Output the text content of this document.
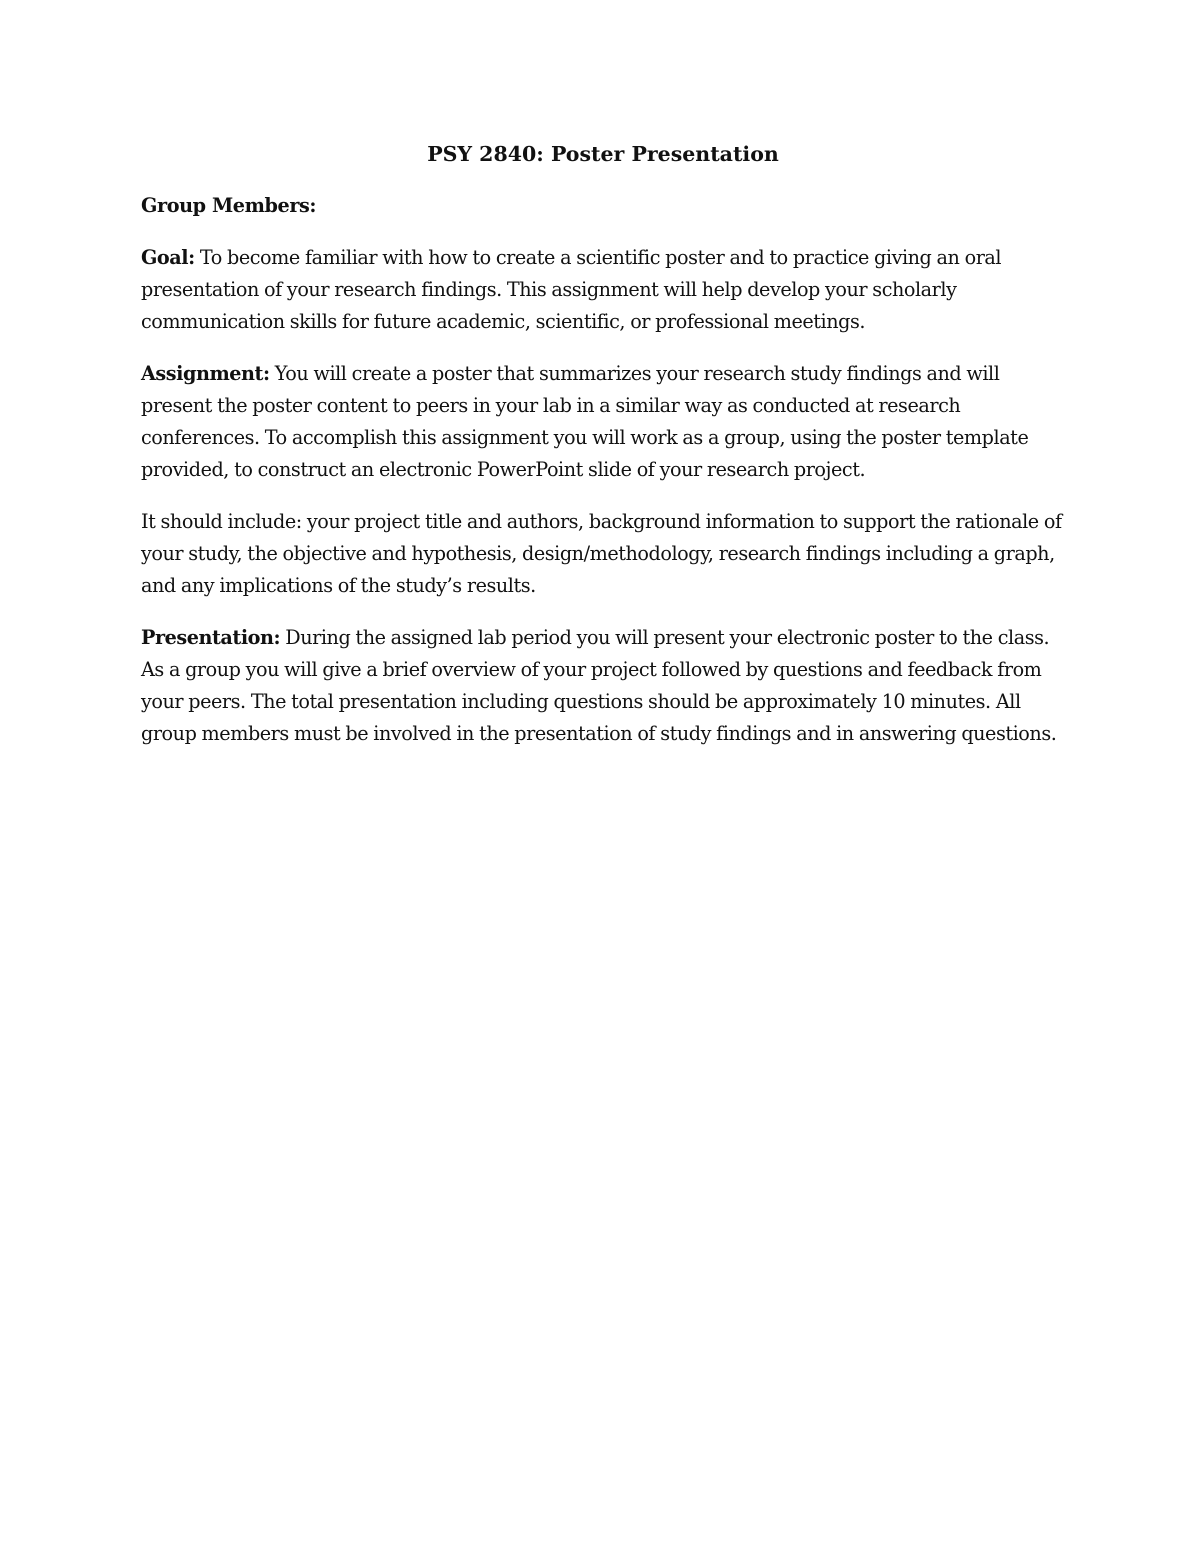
PSY 2840: Poster Presentation
Group Members:

Goal: To become familiar with how to create a scientific poster and to practice giving an oral presentation of your research findings. This assignment will help develop your scholarly communication skills for future academic, scientific, or professional meetings.

Assignment: You will create a poster that summarizes your research study findings and will present the poster content to peers in your lab in a similar way as conducted at research conferences. To accomplish this assignment you will work as a group, using the poster template provided, to construct an electronic PowerPoint slide of your research project.

It should include: your project title and authors, background information to support the rationale of your study, the objective and hypothesis, design/methodology, research findings including a graph, and any implications of the study’s results.

Presentation: During the assigned lab period you will present your electronic poster to the class. As a group you will give a brief overview of your project followed by questions and feedback from your peers. The total presentation including questions should be approximately 10 minutes. All group members must be involved in the presentation of study findings and in answering questions.
